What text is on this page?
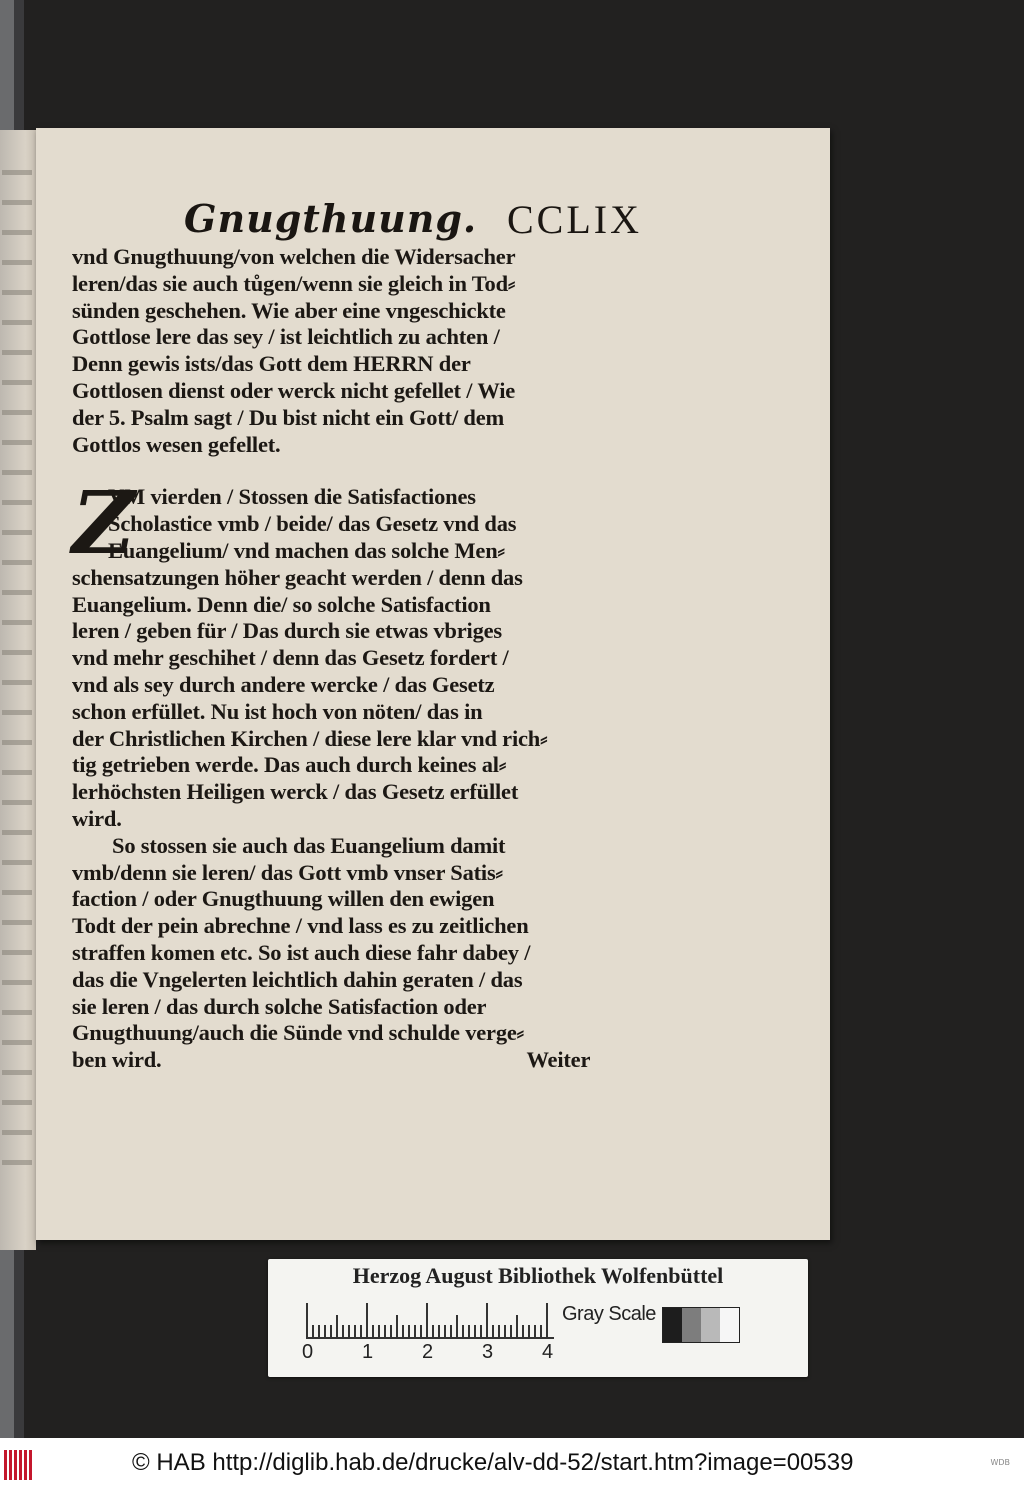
Gnugthuung. CCLIX
vnd Gnugthuung/von welchen die Widersacher
leren/das sie auch tůgen/wenn sie gleich in Tod⸗
sünden geschehen. Wie aber eine vngeschickte
Gottlose lere das sey / ist leichtlich zu achten /
Denn gewis ists/das Gott dem HERRN der
Gottlosen dienst oder werck nicht gefellet / Wie
der 5. Psalm sagt / Du bist nicht ein Gott/ dem
Gottlos wesen gefellet.
Z
VM vierden / Stossen die Satisfactiones
Scholastice vmb / beide/ das Gesetz vnd das
Euangelium/ vnd machen das solche Men⸗
schensatzungen höher geacht werden / denn das
Euangelium. Denn die/ so solche Satisfaction
leren / geben für / Das durch sie etwas vbriges
vnd mehr geschihet / denn das Gesetz fordert /
vnd als sey durch andere wercke / das Gesetz
schon erfüllet. Nu ist hoch von nöten/ das in
der Christlichen Kirchen / diese lere klar vnd rich⸗
tig getrieben werde. Das auch durch keines al⸗
lerhöchsten Heiligen werck / das Gesetz erfüllet
wird.
So stossen sie auch das Euangelium damit
vmb/denn sie leren/ das Gott vmb vnser Satis⸗
faction / oder Gnugthuung willen den ewigen
Todt der pein abrechne / vnd lass es zu zeitlichen
straffen komen etc. So ist auch diese fahr dabey /
das die Vngelerten leichtlich dahin geraten / das
sie leren / das durch solche Satisfaction oder
Gnugthuung/auch die Sünde vnd schulde verge⸗
ben wird.	Weiter
Herzog August Bibliothek Wolfenbüttel
0 1 2 3 4
Gray Scale
© HAB http://diglib.hab.de/drucke/alv-dd-52/start.htm?image=00539	WDB
